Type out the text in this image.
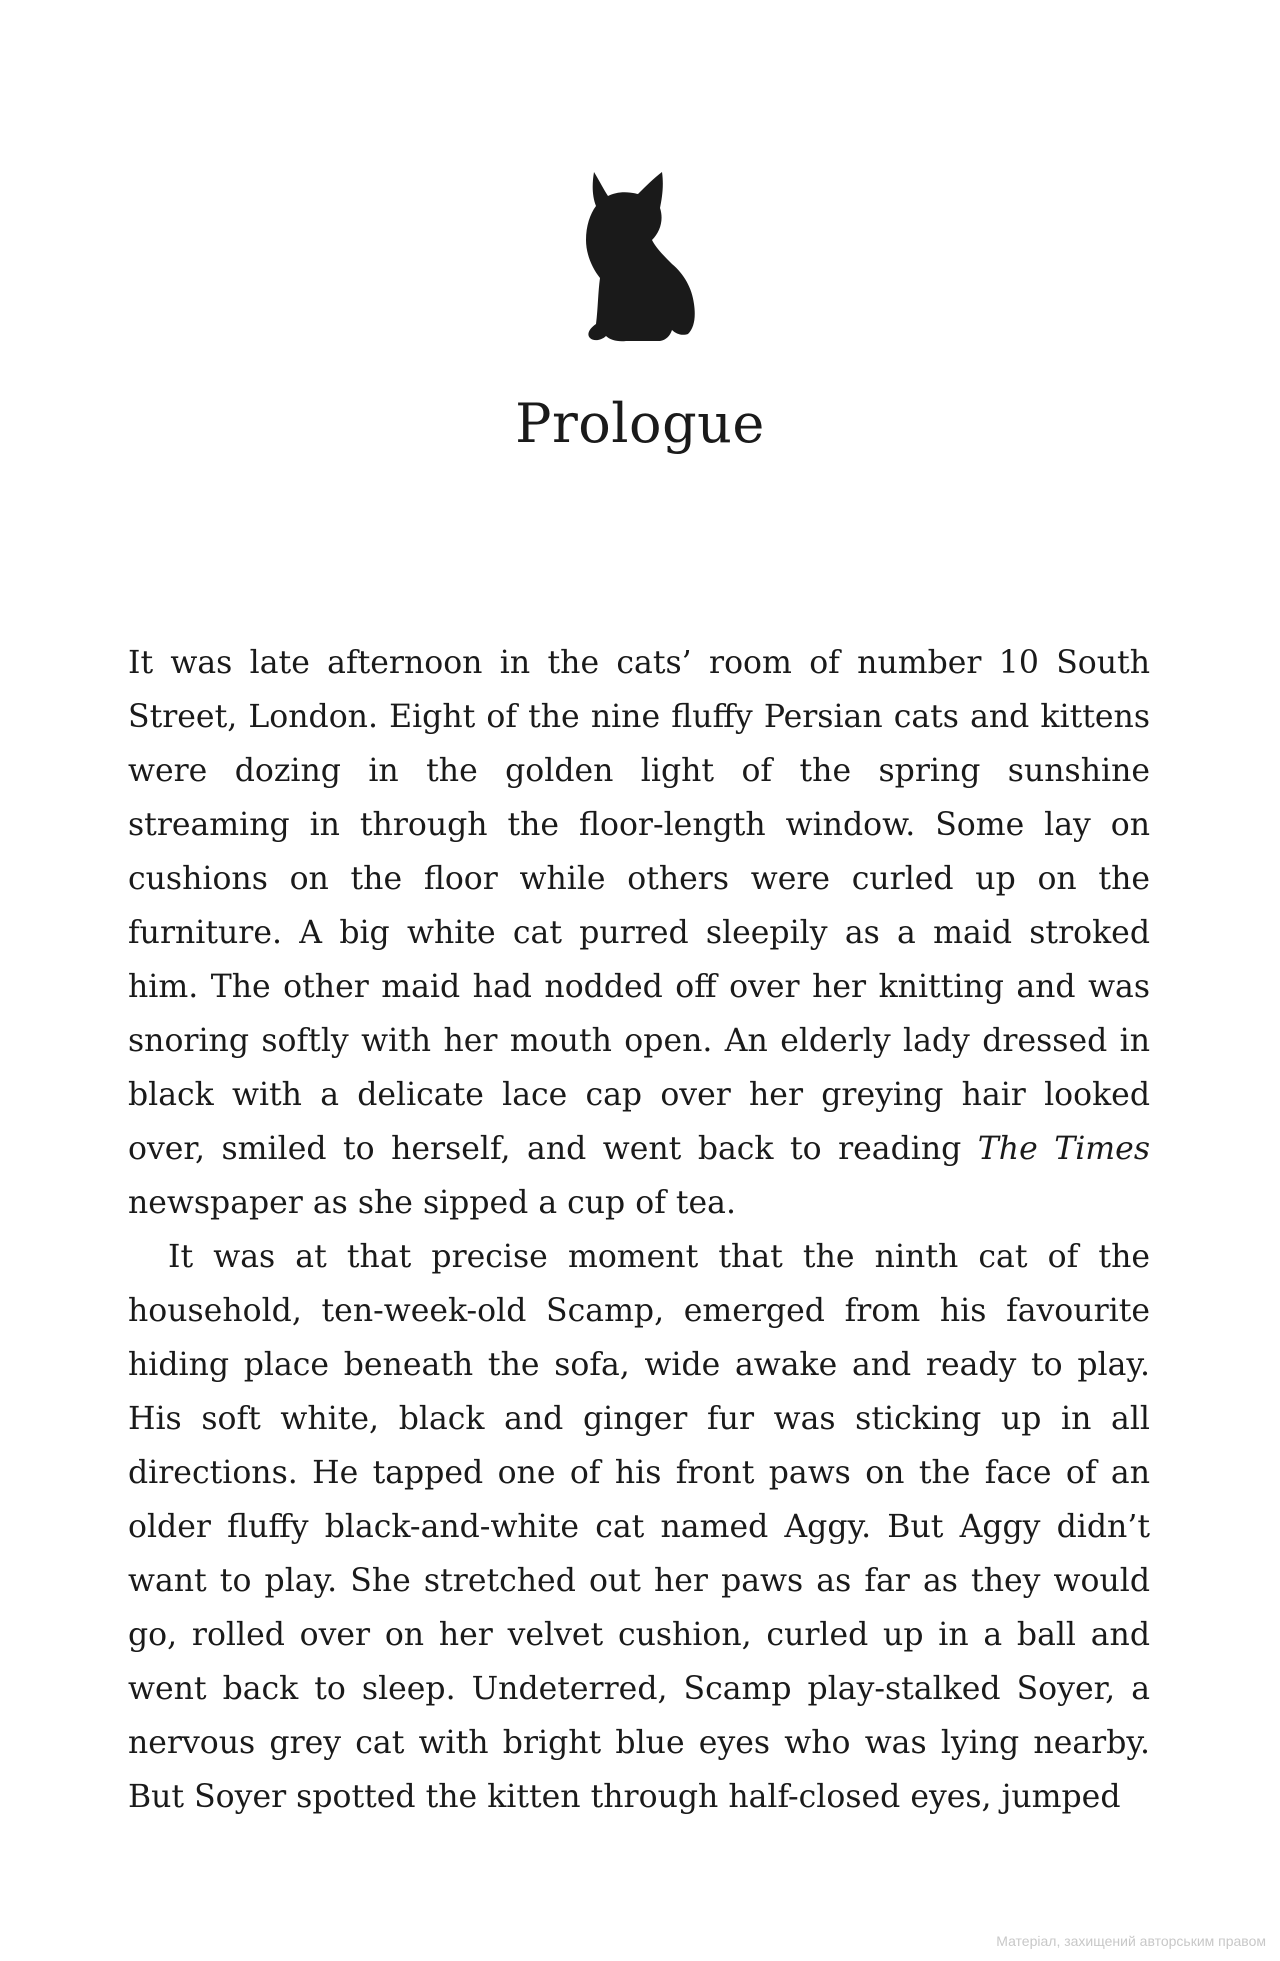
Prologue

It was late afternoon in the cats’ room of number 10 South Street, London. Eight of the nine fluffy Persian cats and kittens were dozing in the golden light of the spring sunshine streaming in through the floor-length window. Some lay on cushions on the floor while others were curled up on the furniture. A big white cat purred sleepily as a maid stroked him. The other maid had nodded off over her knitting and was snoring softly with her mouth open. An elderly lady dressed in black with a delicate lace cap over her greying hair looked over, smiled to herself, and went back to reading The Times newspaper as she sipped a cup of tea.

It was at that precise moment that the ninth cat of the household, ten-week-old Scamp, emerged from his favourite hiding place beneath the sofa, wide awake and ready to play. His soft white, black and ginger fur was sticking up in all directions. He tapped one of his front paws on the face of an older fluffy black-and-white cat named Aggy. But Aggy didn’t want to play. She stretched out her paws as far as they would go, rolled over on her velvet cushion, curled up in a ball and went back to sleep. Undeterred, Scamp play-stalked Soyer, a nervous grey cat with bright blue eyes who was lying nearby. But Soyer spotted the kitten through half-closed eyes, jumped

Матеріал, захищений авторським правом
